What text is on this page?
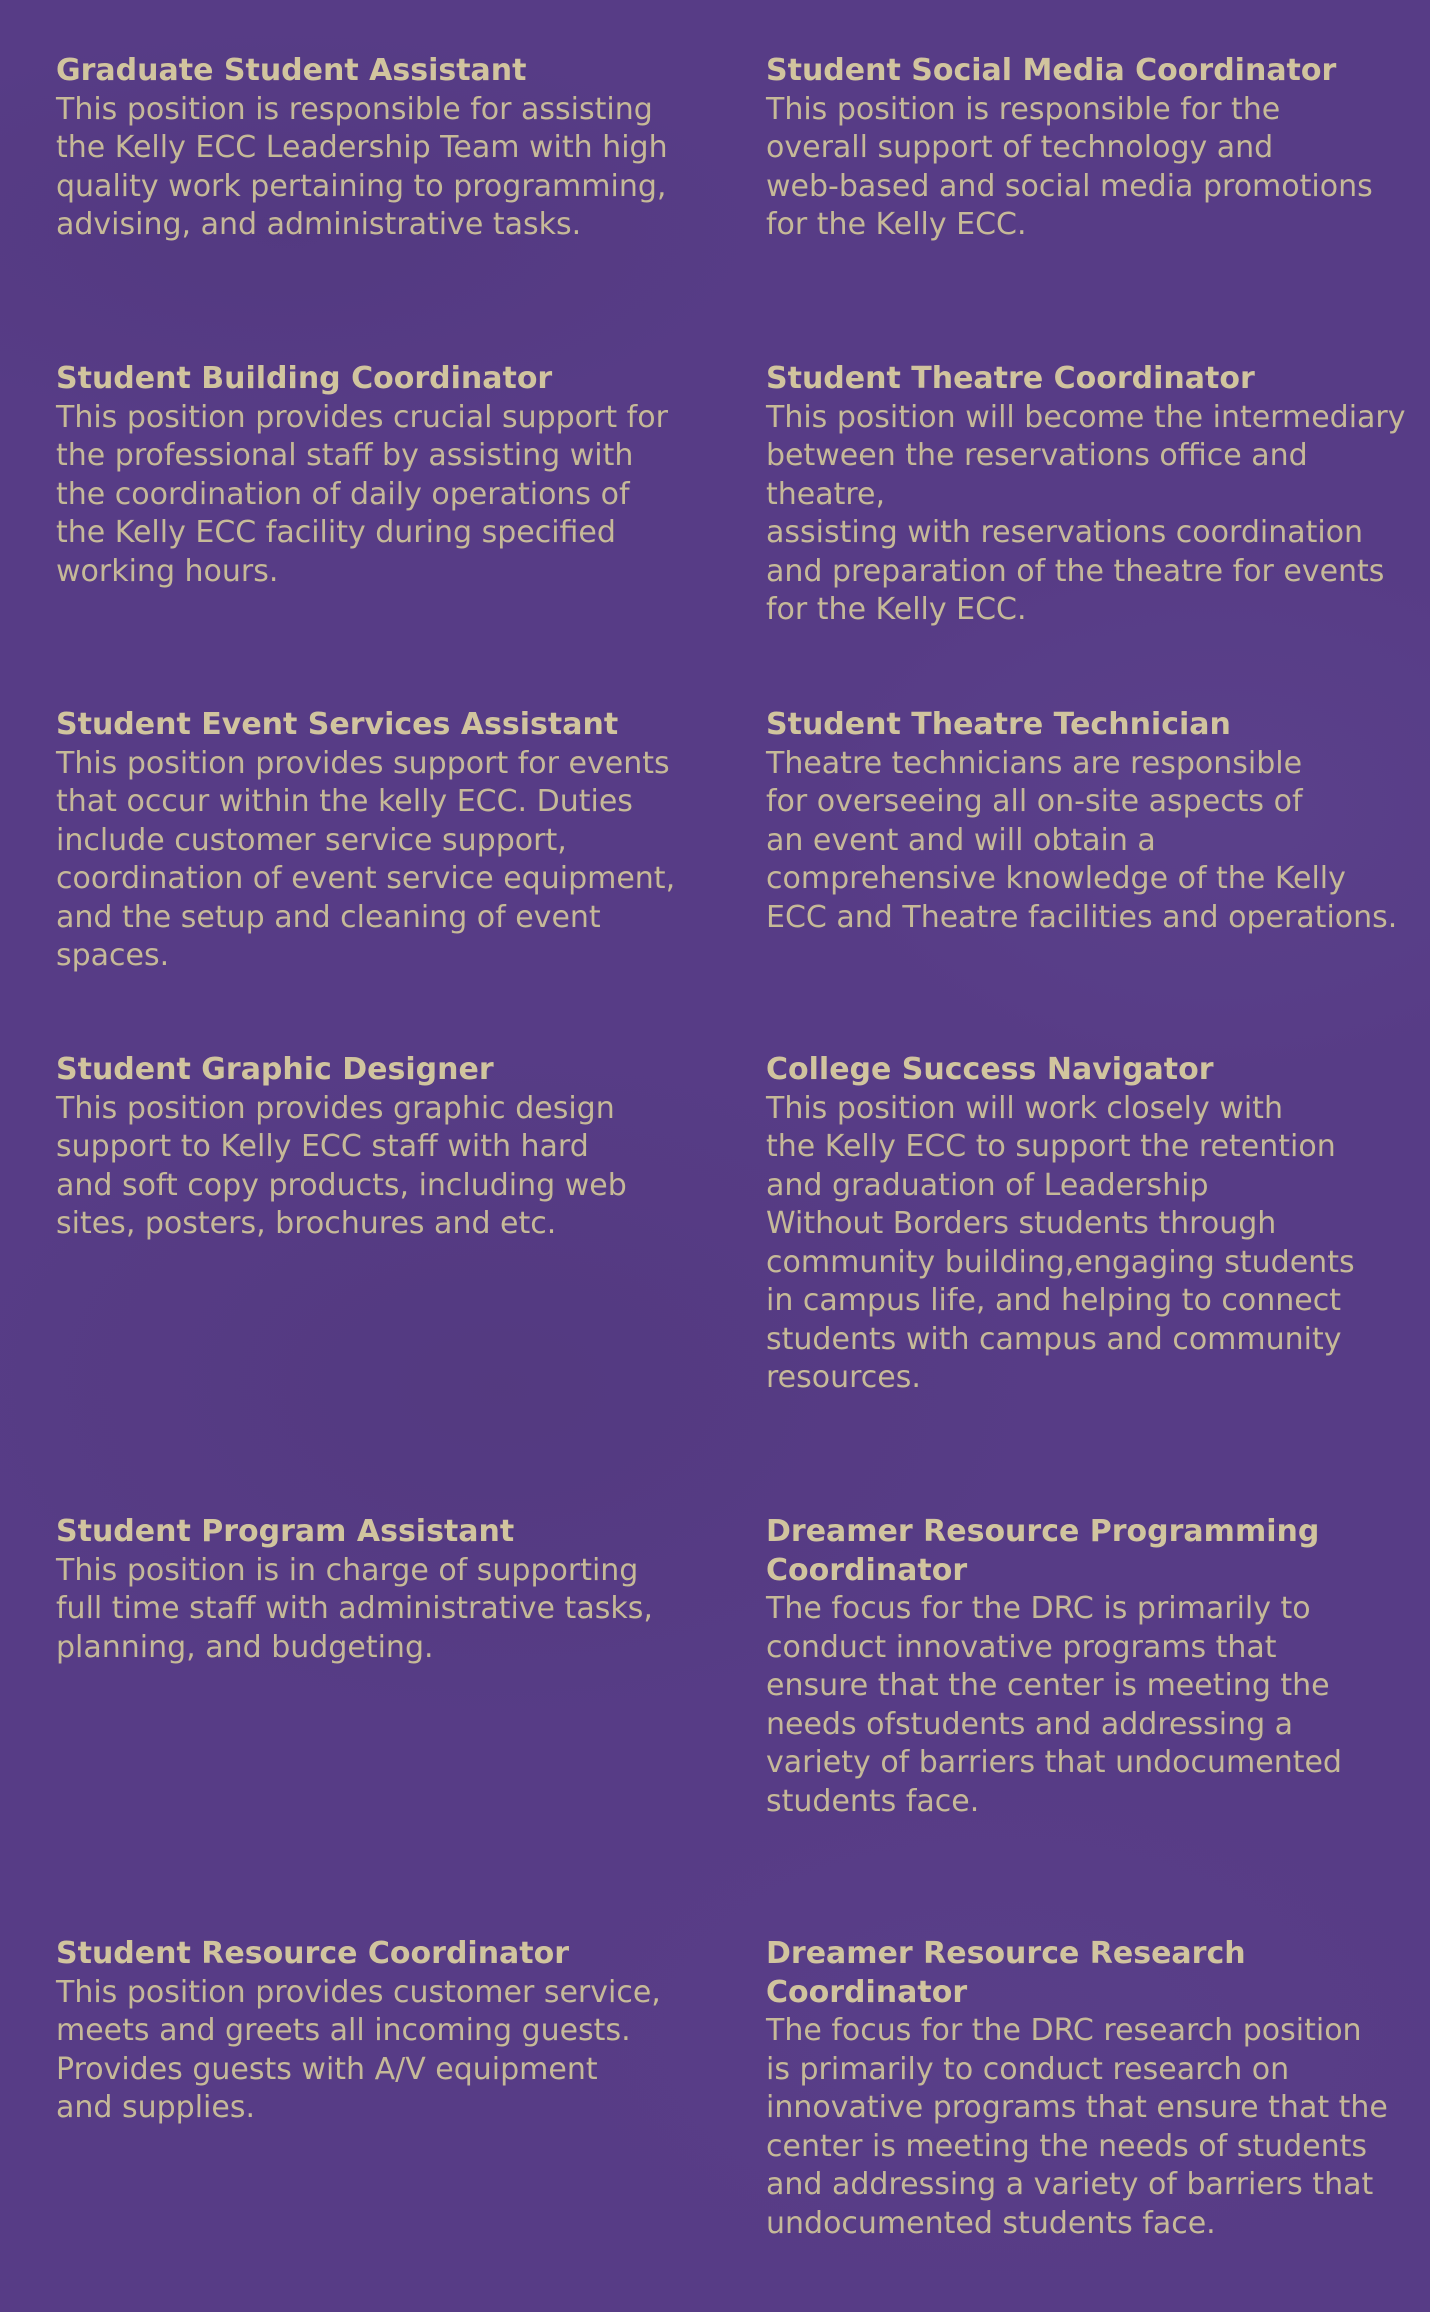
Graduate Student Assistant
This position is responsible for assisting
the Kelly ECC Leadership Team with high
quality work pertaining to programming,
advising, and administrative tasks.
Student Social Media Coordinator
This position is responsible for the
overall support of technology and
web-based and social media promotions
for the Kelly ECC.
Student Building Coordinator
This position provides crucial support for
the professional staff by assisting with
the coordination of daily operations of
the Kelly ECC facility during specified
working hours.
Student Theatre Coordinator
This position will become the intermediary
between the reservations office and theatre,
assisting with reservations coordination
and preparation of the theatre for events
for the Kelly ECC.
Student Event Services Assistant
This position provides support for events
that occur within the kelly ECC. Duties
include customer service support,
coordination of event service equipment,
and the setup and cleaning of event spaces.
Student Theatre Technician
Theatre technicians are responsible
for overseeing all on-site aspects of
an event and will obtain a
comprehensive knowledge of the Kelly
ECC and Theatre facilities and operations.
Student Graphic Designer
This position provides graphic design
support to Kelly ECC staff with hard
and soft copy products, including web
sites, posters, brochures and etc.
College Success Navigator
This position will work closely with
the Kelly ECC to support the retention
and graduation of Leadership
Without Borders students through
community building,engaging students
in campus life, and helping to connect
students with campus and community
resources.
Student Program Assistant
This position is in charge of supporting
full time staff with administrative tasks,
planning, and budgeting.
Dreamer Resource Programming
Coordinator
The focus for the DRC is primarily to
conduct innovative programs that
ensure that the center is meeting the
needs ofstudents and addressing a
variety of barriers that undocumented
students face.
Student Resource Coordinator
This position provides customer service,
meets and greets all incoming guests.
Provides guests with A/V equipment
and supplies.
Dreamer Resource Research
Coordinator
The focus for the DRC research position
is primarily to conduct research on
innovative programs that ensure that the
center is meeting the needs of students
and addressing a variety of barriers that
undocumented students face.
